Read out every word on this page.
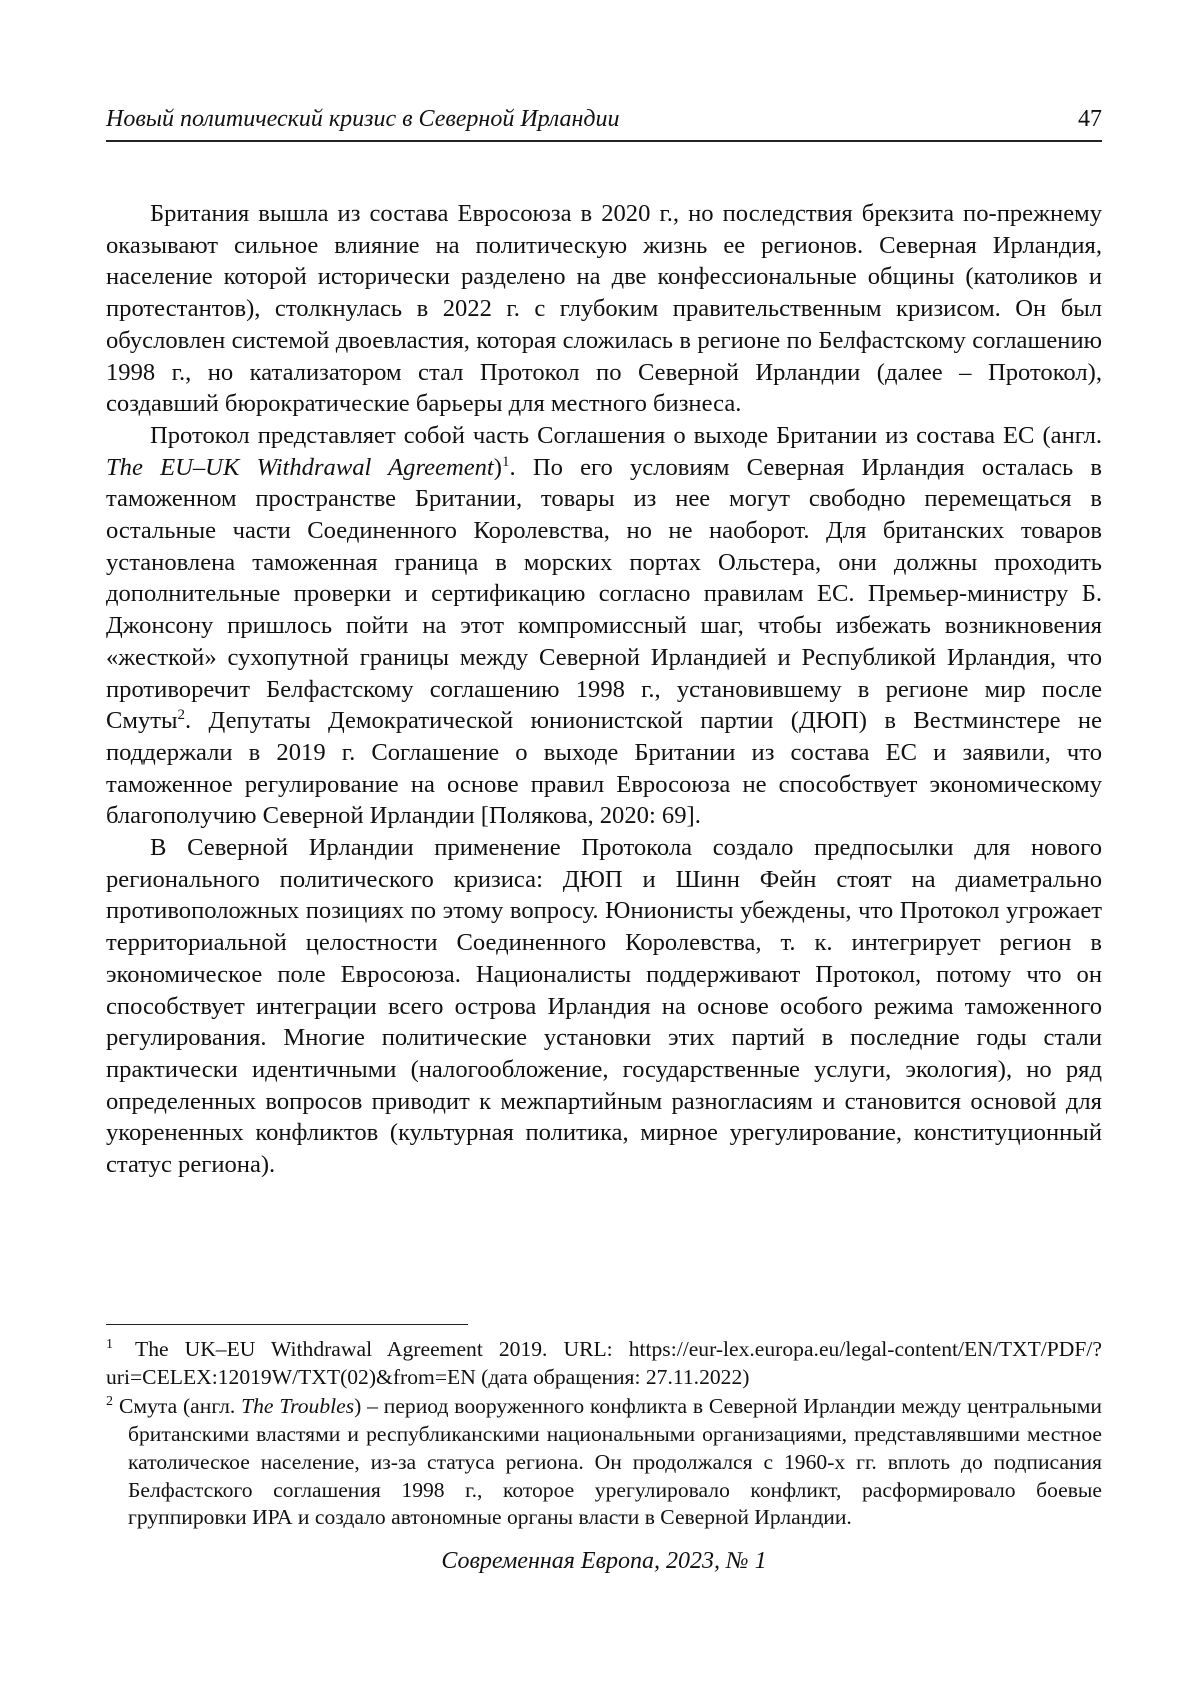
Новый политический кризис в Северной Ирландии	47

Британия вышла из состава Евросоюза в 2020 г., но последствия брекзита по-прежнему оказывают сильное влияние на политическую жизнь ее регионов. Северная Ирландия, население которой исторически разделено на две конфессиональные общины (католиков и протестантов), столкнулась в 2022 г. с глубоким правительственным кризисом. Он был обусловлен системой двоевластия, которая сложилась в регионе по Белфастскому соглашению 1998 г., но катализатором стал Протокол по Северной Ирландии (далее – Протокол), создавший бюрократические барьеры для местного бизнеса.

Протокол представляет собой часть Соглашения о выходе Британии из состава ЕС (англ. The EU–UK Withdrawal Agreement)$^1$. По его условиям Северная Ирландия осталась в таможенном пространстве Британии, товары из нее могут свободно перемещаться в остальные части Соединенного Королевства, но не наоборот. Для британских товаров установлена таможенная граница в морских портах Ольстера, они должны проходить дополнительные проверки и сертификацию согласно правилам ЕС. Премьер-министру Б. Джонсону пришлось пойти на этот компромиссный шаг, чтобы избежать возникновения «жесткой» сухопутной границы между Северной Ирландией и Республикой Ирландия, что противоречит Белфастскому соглашению 1998 г., установившему в регионе мир после Смуты$^2$. Депутаты Демократической юнионистской партии (ДЮП) в Вестминстере не поддержали в 2019 г. Соглашение о выходе Британии из состава ЕС и заявили, что таможенное регулирование на основе правил Евросоюза не способствует экономическому благополучию Северной Ирландии [Полякова, 2020: 69].

В Северной Ирландии применение Протокола создало предпосылки для нового регионального политического кризиса: ДЮП и Шинн Фейн стоят на диаметрально противоположных позициях по этому вопросу. Юнионисты убеждены, что Протокол угрожает территориальной целостности Соединенного Королевства, т. к. интегрирует регион в экономическое поле Евросоюза. Националисты поддерживают Протокол, потому что он способствует интеграции всего острова Ирландия на основе особого режима таможенного регулирования. Многие политические установки этих партий в последние годы стали практически идентичными (налогообложение, государственные услуги, экология), но ряд определенных вопросов приводит к межпартийным разногласиям и становится основой для укорененных конфликтов (культурная политика, мирное урегулирование, конституционный статус региона).

$^1$ The UK–EU Withdrawal Agreement 2019. URL: https://eur-lex.europa.eu/legal-content/EN/TXT/PDF/?uri=CELEX:12019W/TXT(02)&from=EN (дата обращения: 27.11.2022)

$^2$ Смута (англ. The Troubles) – период вооруженного конфликта в Северной Ирландии между центральными британскими властями и республиканскими национальными организациями, представлявшими местное католическое население, из-за статуса региона. Он продолжался с 1960-х гг. вплоть до подписания Белфастского соглашения 1998 г., которое урегулировало конфликт, расформировало боевые группировки ИРА и создало автономные органы власти в Северной Ирландии.

Современная Европа, 2023, № 1
